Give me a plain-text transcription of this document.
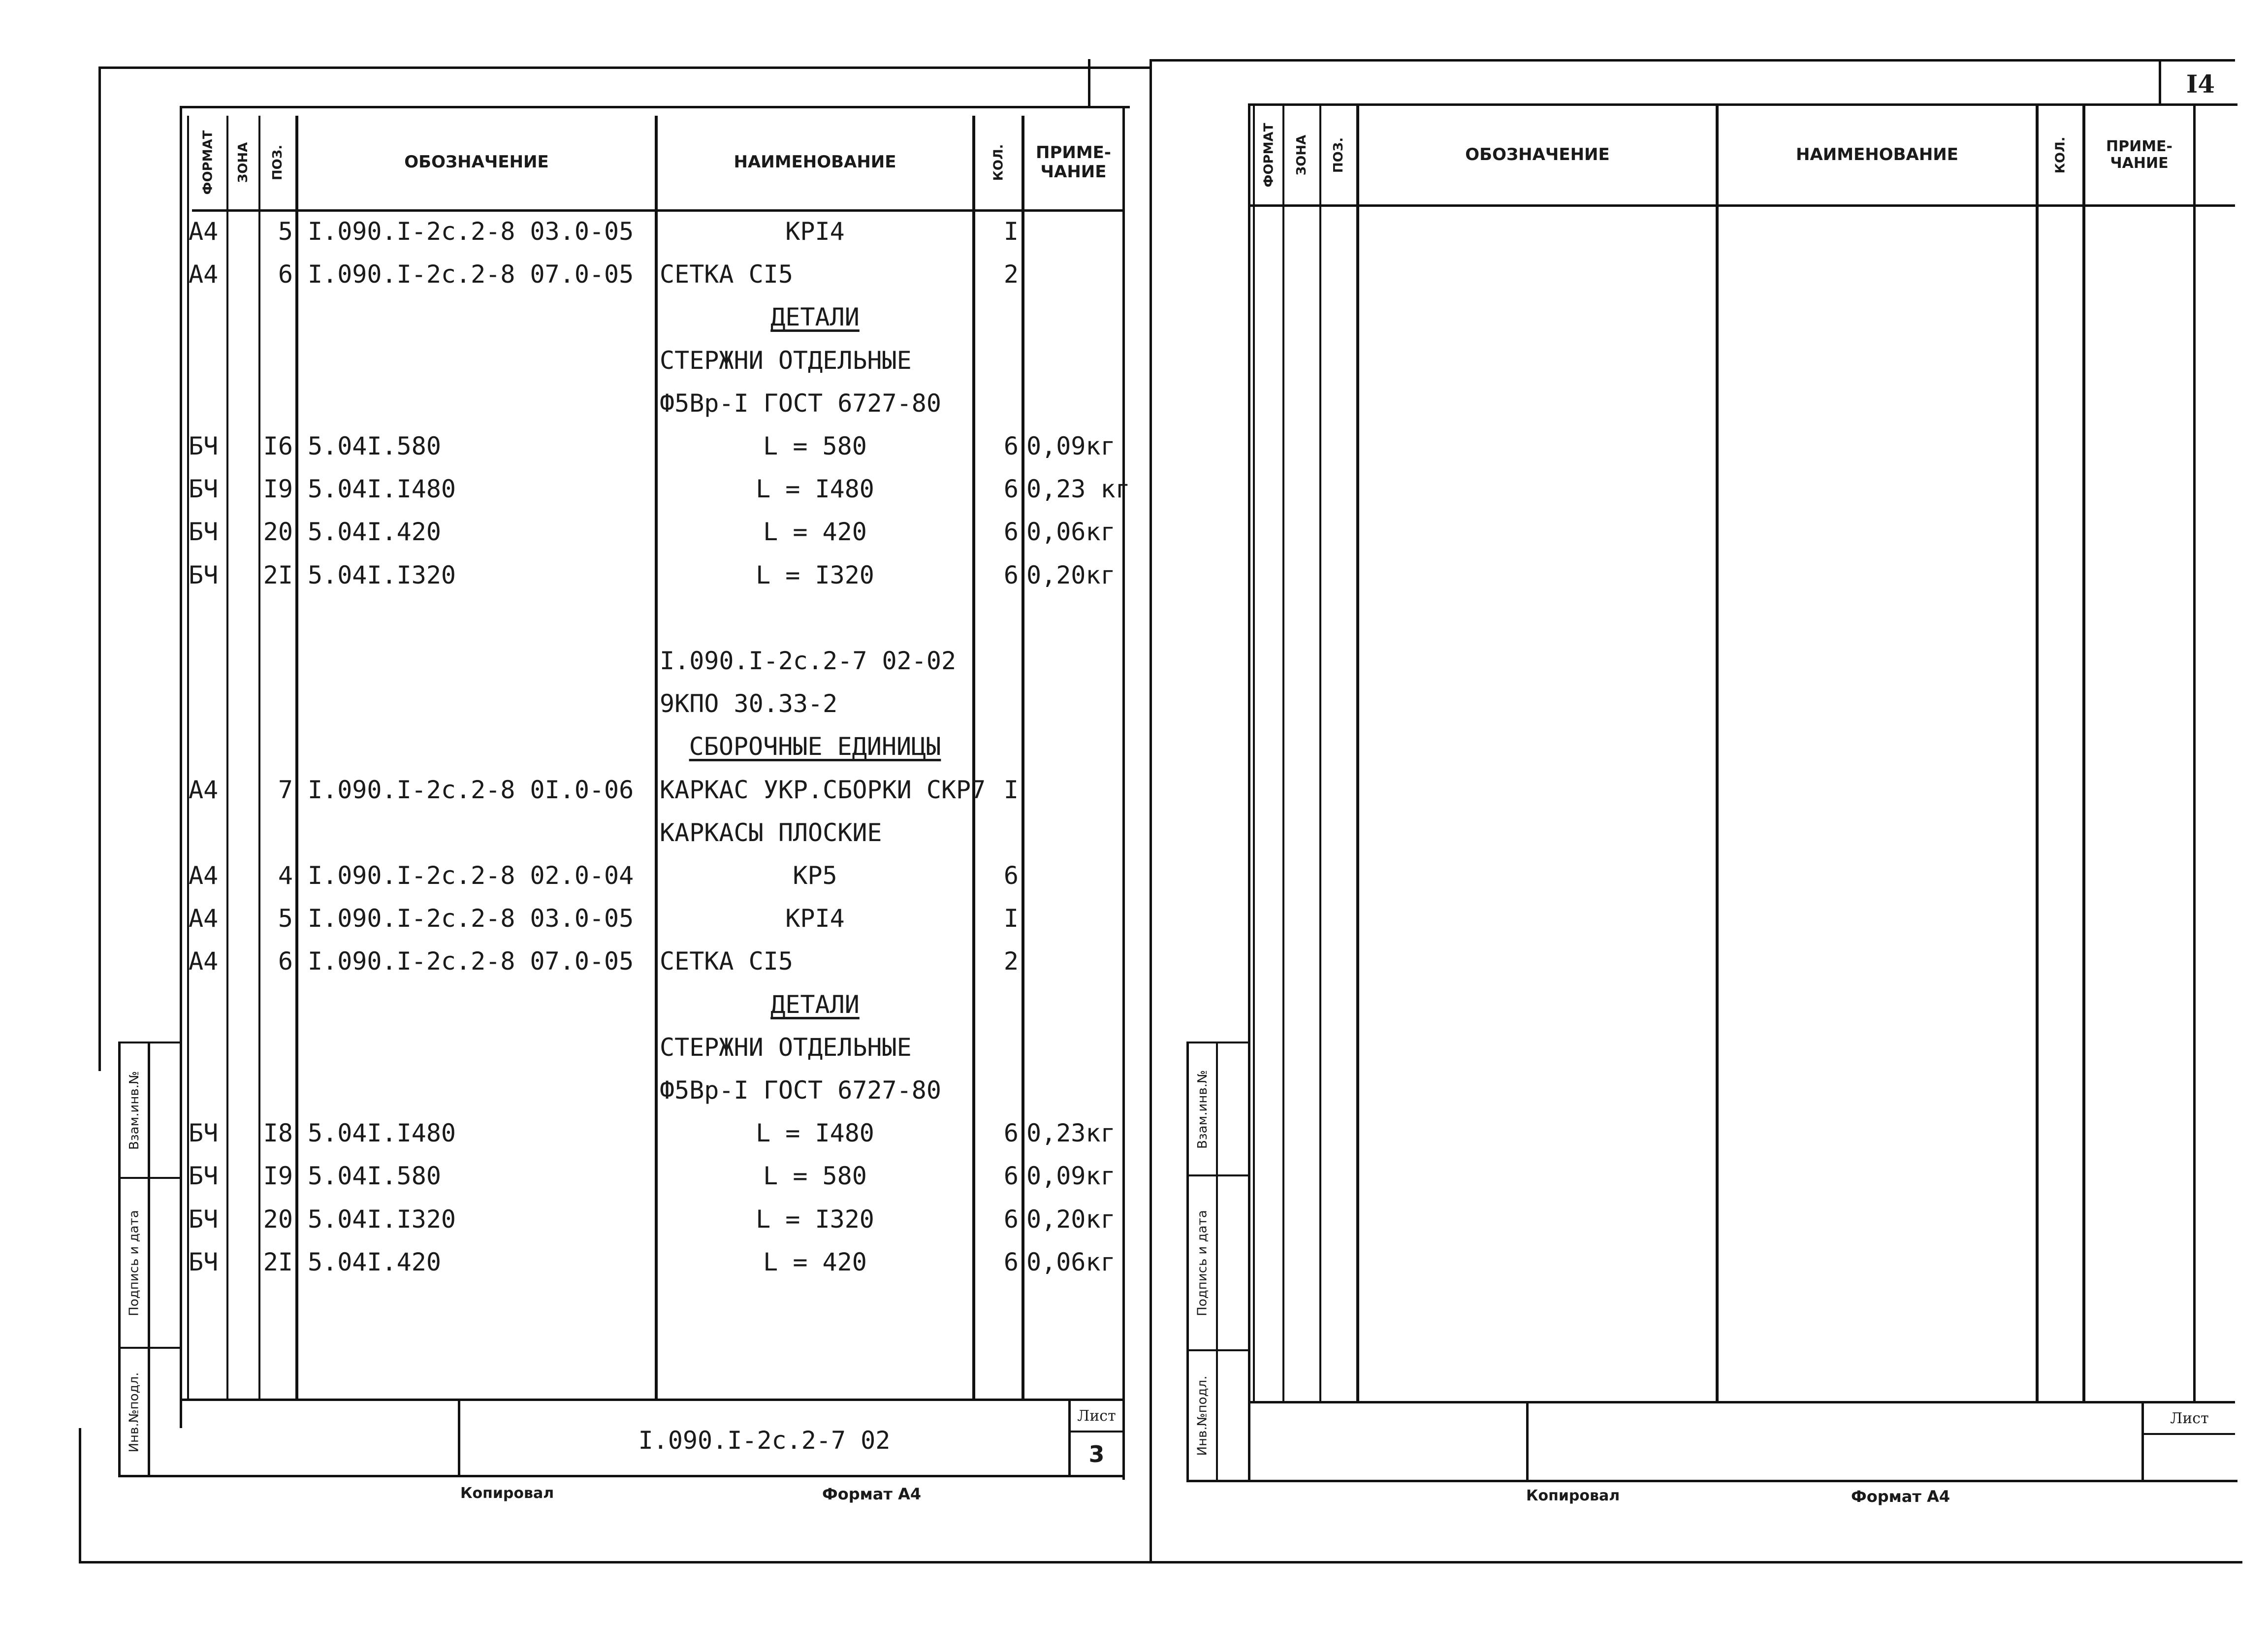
ФОРМАТ ЗОНА ПОЗ.	ОБОЗНАЧЕНИЕ	НАИМЕНОВАНИЕ	КОЛ.	ПРИМЕ-
ЧАНИЕ
А4	5 I.090.I-2с.2-8 03.0-05	КРI4	I
А4	6 I.090.I-2с.2-8 07.0-05	СЕТКА СI5	2
ДЕТАЛИ
СТЕРЖНИ ОТДЕЛЬНЫЕ
Ф5Вр-I ГОСТ 6727-80
БЧ	I6 5.04I.580	L = 580	6 0,09кг
БЧ	I9 5.04I.I480	L = I480	6 0,23 кг
БЧ	20 5.04I.420	L = 420	6 0,06кг
БЧ	2I 5.04I.I320	L = I320	6 0,20кг
I.090.I-2с.2-7 02-02
9КПО 30.33-2
СБОРОЧНЫЕ ЕДИНИЦЫ
А4	7 I.090.I-2с.2-8 0I.0-06	КАРКАС УКР.СБОРКИ СКР7 I
КАРКАСЫ ПЛОСКИЕ
А4	4 I.090.I-2с.2-8 02.0-04	КР5	6
А4	5 I.090.I-2с.2-8 03.0-05	КРI4	I
А4	6 I.090.I-2с.2-8 07.0-05	СЕТКА СI5	2
ДЕТАЛИ
СТЕРЖНИ ОТДЕЛЬНЫЕ
Ф5Вр-I ГОСТ 6727-80
БЧ	I8 5.04I.I480	L = I480	6 0,23кг
БЧ	I9 5.04I.580	L = 580	6 0,09кг
БЧ	20 5.04I.I320	L = I320	6 0,20кг
БЧ	2I 5.04I.420	L = 420	6 0,06кг
Взам.инв.№
Подпись и дата
Инв.№подл.	I.090.I-2с.2-7 02
Лист
3
Копировал	Формат А4
I4
ФОРМАТ ЗОНА ПОЗ.	ОБОЗНАЧЕНИЕ	НАИМЕНОВАНИЕ	КОЛ.	ПРИМЕ-
ЧАНИЕ
Взам.инв.№
Подпись и дата
Инв.№подл.	Лист
Копировал	Формат А4
